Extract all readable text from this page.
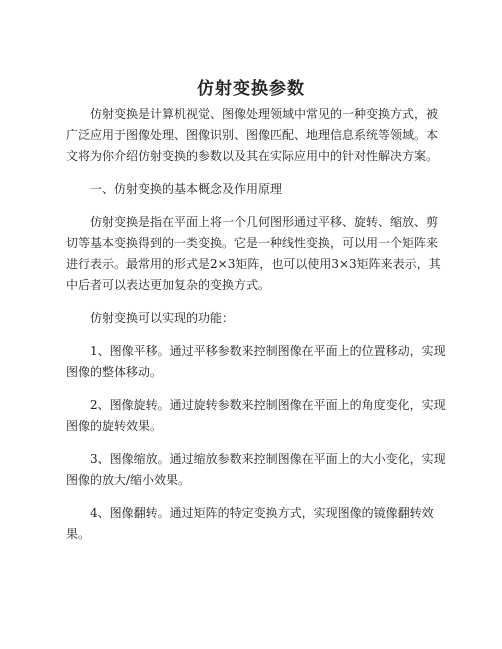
仿射变换参数

仿射变换是计算机视觉、图像处理领域中常见的一种变换方式，被广泛应用于图像处理、图像识别、图像匹配、地理信息系统等领域。本文将为你介绍仿射变换的参数以及其在实际应用中的针对性解决方案。

一、仿射变换的基本概念及作用原理

仿射变换是指在平面上将一个几何图形通过平移、旋转、缩放、剪切等基本变换得到的一类变换。它是一种线性变换，可以用一个矩阵来进行表示。最常用的形式是2×3矩阵，也可以使用3×3矩阵来表示，其中后者可以表达更加复杂的变换方式。

仿射变换可以实现的功能：

1、图像平移。通过平移参数来控制图像在平面上的位置移动，实现图像的整体移动。

2、图像旋转。通过旋转参数来控制图像在平面上的角度变化，实现图像的旋转效果。

3、图像缩放。通过缩放参数来控制图像在平面上的大小变化，实现图像的放大/缩小效果。

4、图像翻转。通过矩阵的特定变换方式，实现图像的镜像翻转效果。
